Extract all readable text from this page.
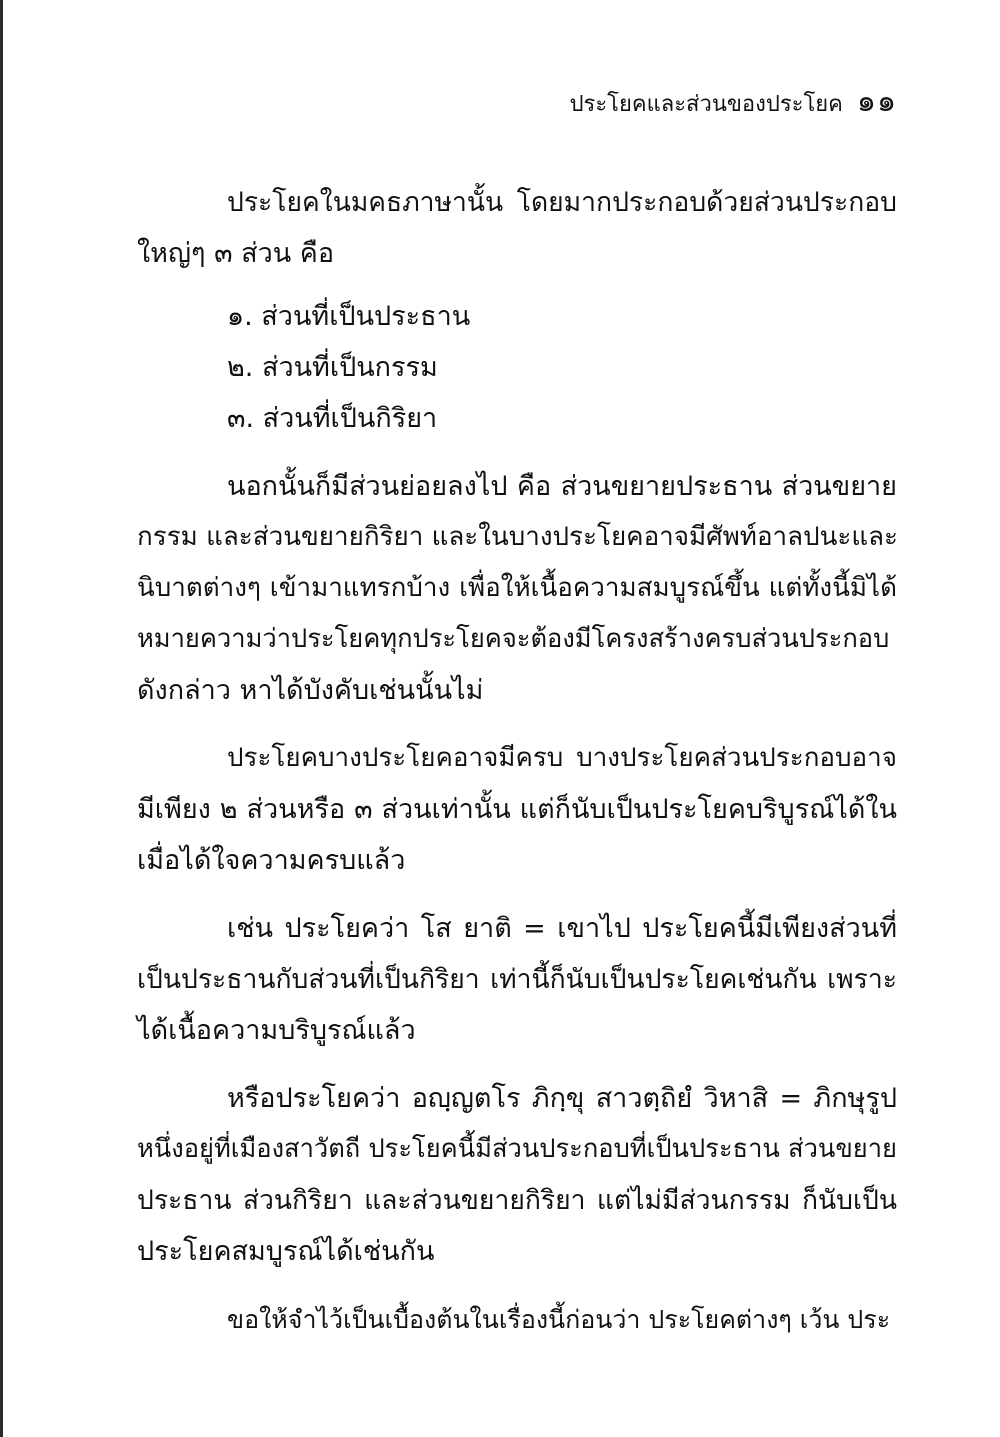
ประโยคและส่วนของประโยค ๑๑
ประโยคในมคธภาษานั้น โดยมากประกอบด้วยส่วนประกอบ
ใหญ่ๆ ๓ ส่วน คือ
๑. ส่วนที่เป็นประธาน
๒. ส่วนที่เป็นกรรม
๓. ส่วนที่เป็นกิริยา
นอกนั้นก็มีส่วนย่อยลงไป คือ ส่วนขยายประธาน ส่วนขยาย
กรรม และส่วนขยายกิริยา และในบางประโยคอาจมีศัพท์อาลปนะและ
นิบาตต่างๆ เข้ามาแทรกบ้าง เพื่อให้เนื้อความสมบูรณ์ขึ้น แต่ทั้งนี้มิได้
หมายความว่าประโยคทุกประโยคจะต้องมีโครงสร้างครบส่วนประกอบ
ดังกล่าว หาได้บังคับเช่นนั้นไม่
ประโยคบางประโยคอาจมีครบ บางประโยคส่วนประกอบอาจ
มีเพียง ๒ ส่วนหรือ ๓ ส่วนเท่านั้น แต่ก็นับเป็นประโยคบริบูรณ์ได้ใน
เมื่อได้ใจความครบแล้ว
เช่น ประโยคว่า โส ยาติ = เขาไป ประโยคนี้มีเพียงส่วนที่
เป็นประธานกับส่วนที่เป็นกิริยา เท่านี้ก็นับเป็นประโยคเช่นกัน เพราะ
ได้เนื้อความบริบูรณ์แล้ว
หรือประโยคว่า อญฺญตโร ภิกฺขุ สาวตฺถิยํ วิหาสิ = ภิกษุรูป
หนึ่งอยู่ที่เมืองสาวัตถี ประโยคนี้มีส่วนประกอบที่เป็นประธาน ส่วนขยาย
ประธาน ส่วนกิริยา และส่วนขยายกิริยา แต่ไม่มีส่วนกรรม ก็นับเป็น
ประโยคสมบูรณ์ได้เช่นกัน
ขอให้จำไว้เป็นเบื้องต้นในเรื่องนี้ก่อนว่า ประโยคต่างๆ เว้น ประ
